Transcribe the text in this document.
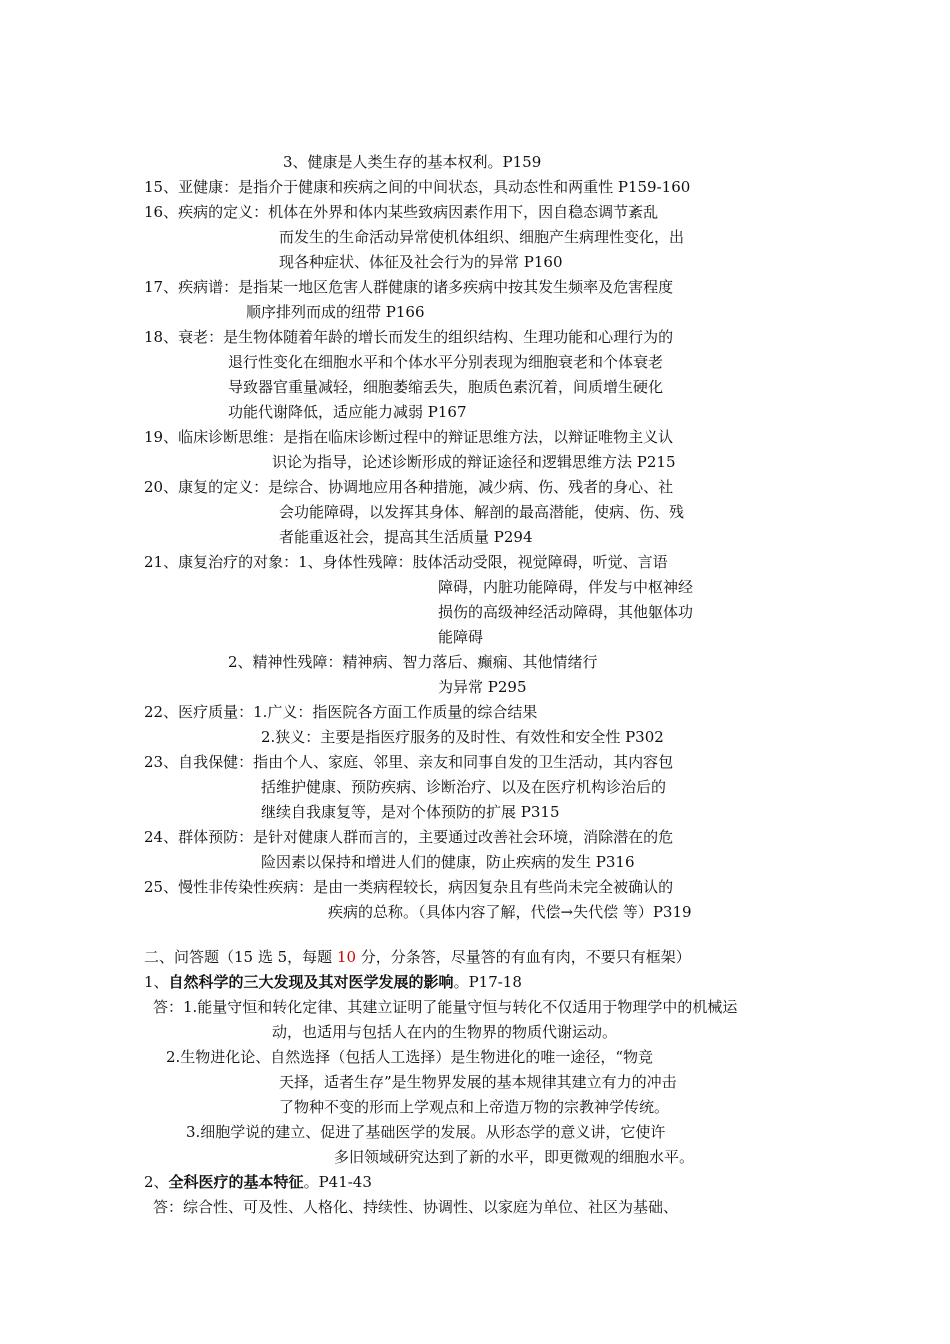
3、健康是人类生存的基本权利。P159
15、亚健康：是指介于健康和疾病之间的中间状态，具动态性和两重性 P159-160
16、疾病的定义：机体在外界和体内某些致病因素作用下，因自稳态调节紊乱
而发生的生命活动异常使机体组织、细胞产生病理性变化，出
现各种症状、体征及社会行为的异常 P160
17、疾病谱：是指某一地区危害人群健康的诸多疾病中按其发生频率及危害程度
顺序排列而成的纽带 P166
18、衰老：是生物体随着年龄的增长而发生的组织结构、生理功能和心理行为的
退行性变化在细胞水平和个体水平分别表现为细胞衰老和个体衰老
导致器官重量减轻，细胞萎缩丢失，胞质色素沉着，间质增生硬化
功能代谢降低，适应能力减弱 P167
19、临床诊断思维：是指在临床诊断过程中的辩证思维方法，以辩证唯物主义认
识论为指导，论述诊断形成的辩证途径和逻辑思维方法 P215
20、康复的定义：是综合、协调地应用各种措施，减少病、伤、残者的身心、社
会功能障碍，以发挥其身体、解剖的最高潜能，使病、伤、残
者能重返社会，提高其生活质量 P294
21、康复治疗的对象：1、身体性残障：肢体活动受限，视觉障碍，听觉、言语
障碍，内脏功能障碍，伴发与中枢神经
损伤的高级神经活动障碍，其他躯体功
能障碍
2、精神性残障：精神病、智力落后、癫痫、其他情绪行
为异常 P295
22、医疗质量：1.广义：指医院各方面工作质量的综合结果
2.狭义：主要是指医疗服务的及时性、有效性和安全性 P302
23、自我保健：指由个人、家庭、邻里、亲友和同事自发的卫生活动，其内容包
括维护健康、预防疾病、诊断治疗、以及在医疗机构诊治后的
继续自我康复等，是对个体预防的扩展 P315
24、群体预防：是针对健康人群而言的，主要通过改善社会环境，消除潜在的危
险因素以保持和增进人们的健康，防止疾病的发生 P316
25、慢性非传染性疾病：是由一类病程较长，病因复杂且有些尚未完全被确认的
疾病的总称。（具体内容了解，代偿→失代偿 等）P319
二、问答题（15 选 5，每题 10 分，分条答，尽量答的有血有肉，不要只有框架）
1、自然科学的三大发现及其对医学发展的影响。P17-18
答：1.能量守恒和转化定律、其建立证明了能量守恒与转化不仅适用于物理学中的机械运
动，也适用与包括人在内的生物界的物质代谢运动。
2.生物进化论、自然选择（包括人工选择）是生物进化的唯一途径，“物竞
天择，适者生存”是生物界发展的基本规律其建立有力的冲击
了物种不变的形而上学观点和上帝造万物的宗教神学传统。
3.细胞学说的建立、促进了基础医学的发展。从形态学的意义讲，它使许
多旧领域研究达到了新的水平，即更微观的细胞水平。
2、全科医疗的基本特征。P41-43
答：综合性、可及性、人格化、持续性、协调性、以家庭为单位、社区为基础、
